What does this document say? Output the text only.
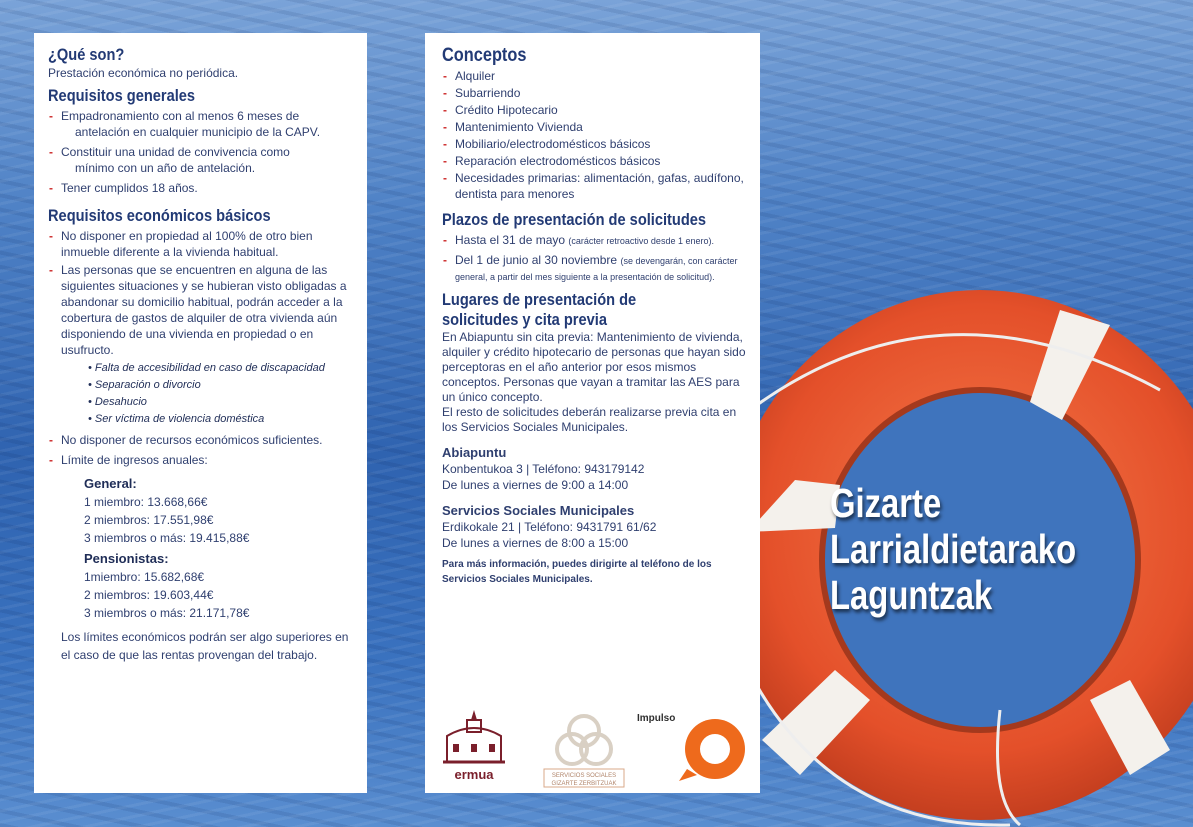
Gizarte
Larrialdietarako
Laguntzak
¿Qué son?

Prestación económica no periódica.

Requisitos generales
- Empadronamiento con al menos 6 meses de
antelación en cualquier municipio de la CAPV.
- Constituir una unidad de convivencia como
mínimo con un año de antelación.
- Tener cumplidos 18 años.
Requisitos económicos básicos
- No disponer en propiedad al 100% de otro bien inmueble diferente a la vivienda habitual.
- Las personas que se encuentren en alguna de las siguientes situaciones y se hubieran visto obligadas a abandonar su domicilio habitual, podrán acceder a la cobertura de gastos de alquiler de otra vivienda aún disponiendo de una vivienda en propiedad o en usufructo.
• Falta de accesibilidad en caso de discapacidad
• Separación o divorcio
• Desahucio
• Ser víctima de violencia doméstica
- No disponer de recursos económicos suficientes.
- Límite de ingresos anuales:
General:

1 miembro: 13.668,66€

2 miembros: 17.551,98€

3 miembros o más: 19.415,88€

Pensionistas:

1miembro: 15.682,68€

2 miembros: 19.603,44€

3 miembros o más: 21.171,78€

Los límites económicos podrán ser algo superiores en el caso de que las rentas provengan del trabajo.

Conceptos
- Alquiler
- Subarriendo
- Crédito Hipotecario
- Mantenimiento Vivienda
- Mobiliario/electrodomésticos básicos
- Reparación electrodomésticos básicos
- Necesidades primarias: alimentación, gafas, audífono, dentista para menores
Plazos de presentación de solicitudes
- Hasta el 31 de mayo (carácter retroactivo desde 1 enero).
- Del 1 de junio al 30 noviembre (se devengarán, con carácter general, a partir del mes siguiente a la presentación de solicitud).
Lugares de presentación de
solicitudes y cita previa

En Abiapuntu sin cita previa: Mantenimiento de vivienda, alquiler y crédito hipotecario de personas que hayan sido perceptoras en el año anterior por esos mismos conceptos. Personas que vayan a tramitar las AES para un único concepto.

El resto de solicitudes deberán realizarse previa cita en los Servicios Sociales Municipales.

Abiapuntu

Konbentukoa 3 | Teléfono: 943179142

De lunes a viernes de 9:00 a 14:00

Servicios Sociales Municipales

Erdikokale 21 | Teléfono: 9431791 61/62

De lunes a viernes de 8:00 a 15:00

Para más información, puedes dirigirte al teléfono de los Servicios Sociales Municipales.

ermua	SERVICIOS SOCIALES
GIZARTE ZERBITZUAK
Impulso
